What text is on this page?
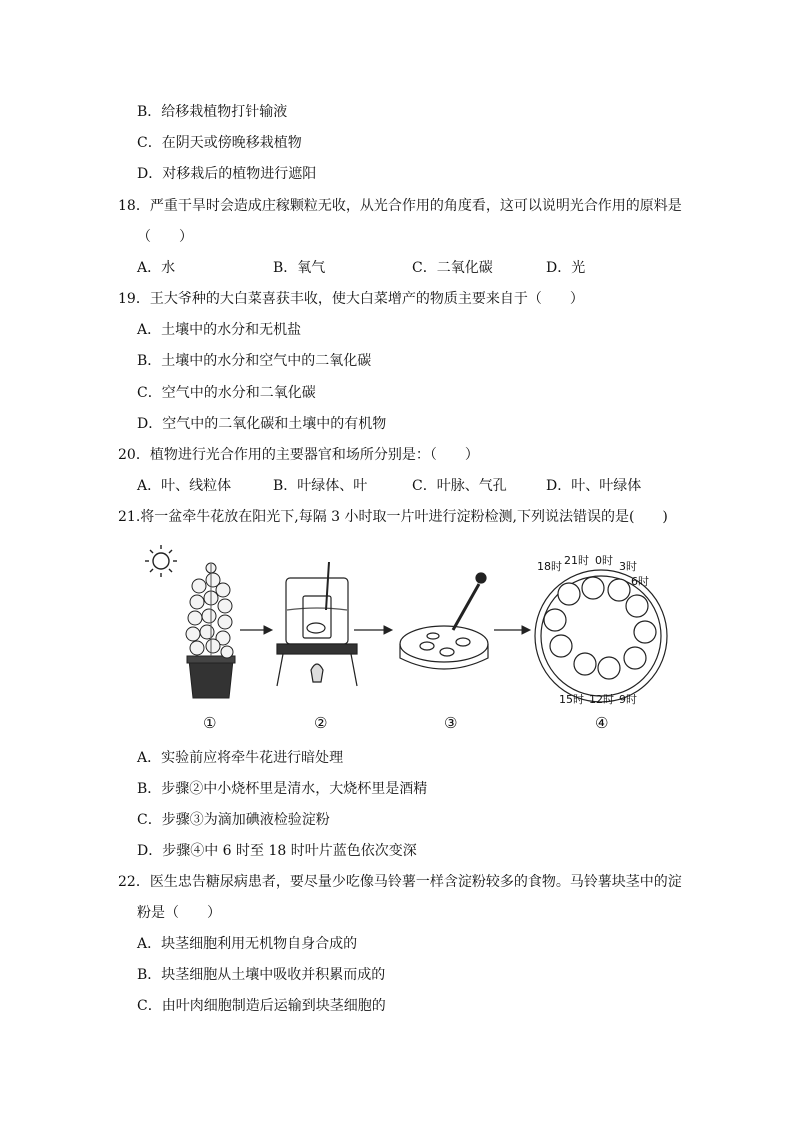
B．给移栽植物打针输液
C．在阴天或傍晚移栽植物
D．对移栽后的植物进行遮阳
18．严重干旱时会造成庄稼颗粒无收，从光合作用的角度看，这可以说明光合作用的原料是
（　　）
A．水	B．氧气	C．二氧化碳	D．光
19．王大爷种的大白菜喜获丰收，使大白菜增产的物质主要来自于（　　）
A．土壤中的水分和无机盐
B．土壤中的水分和空气中的二氧化碳
C．空气中的水分和二氧化碳
D．空气中的二氧化碳和土壤中的有机物
20．植物进行光合作用的主要器官和场所分别是：（　　）
A．叶、线粒体	B．叶绿体、叶	C．叶脉、气孔	D．叶、叶绿体
21.将一盆牵牛花放在阳光下,每隔 3 小时取一片叶进行淀粉检测,下列说法错误的是(　　)
18时 21时 0时 3时
6时
15时 12时 9时
①	②	③	④
A．实验前应将牵牛花进行暗处理
B．步骤②中小烧杯里是清水，大烧杯里是酒精
C．步骤③为滴加碘液检验淀粉
D．步骤④中 6 时至 18 时叶片蓝色依次变深
22．医生忠告糖尿病患者，要尽量少吃像马铃薯一样含淀粉较多的食物。马铃薯块茎中的淀
粉是（　　）
A．块茎细胞利用无机物自身合成的
B．块茎细胞从土壤中吸收并积累而成的
C．由叶肉细胞制造后运输到块茎细胞的
